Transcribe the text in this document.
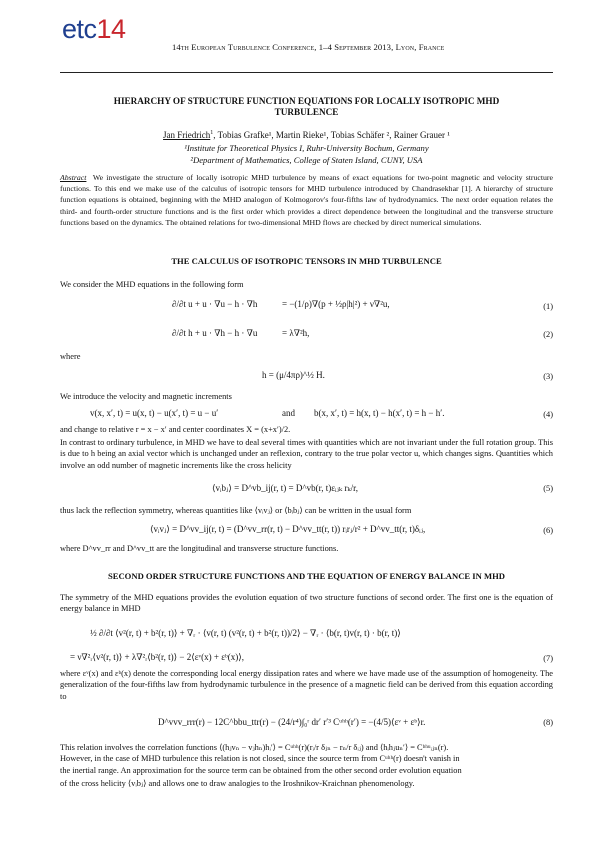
etc14
14th European Turbulence Conference, 1–4 September 2013, Lyon, France
HIERARCHY OF STRUCTURE FUNCTION EQUATIONS FOR LOCALLY ISOTROPIC MHD
TURBULENCE
Jan Friedrich$^1$, Tobias Grafke¹, Martin Rieke¹, Tobias Schäfer ², Rainer Grauer ¹
¹Institute for Theoretical Physics I, Ruhr-University Bochum, Germany
²Department of Mathematics, College of Staten Island, CUNY, USA
Abstract We investigate the structure of locally isotropic MHD turbulence by means of exact equations for two-point magnetic and velocity structure functions. To this end we make use of the calculus of isotropic tensors for MHD turbulence introduced by Chandrasekhar [1]. A hierarchy of structure function equations is obtained, beginning with the MHD analogon of Kolmogorov's four-fifths law of hydrodynamics. The next order equation relates the third- and fourth-order structure functions and is the first order which provides a direct dependence between the longitudinal and the transverse structure functions based on the dynamics. The obtained relations for two-dimensional MHD flows are checked by direct numerical simulations.
THE CALCULUS OF ISOTROPIC TENSORS IN MHD TURBULENCE
We consider the MHD equations in the following form
∂/∂t u + u · ∇u − h · ∇h	= −(1/ρ)∇(p + ½ρ|h|²) + ν∇²u,	(1)
∂/∂t h + u · ∇h − h · ∇u	= λ∇²h,	(2)
where
h = (μ/4πρ)^½ H.	(3)
We introduce the velocity and magnetic increments
v(x, x′, t) = u(x, t) − u(x′, t) = u − u′	and b(x, x′, t) = h(x, t) − h(x′, t) = h − h′.	(4)
and change to relative r = x − x′ and center coordinates X = (x+x′)/2.
In contrast to ordinary turbulence, in MHD we have to deal several times with quantities which are not invariant under the full rotation group. This is due to h being an axial vector which is unchanged under an reflexion, contrary to the true polar vector u, which changes signs. Quantities which involve an odd number of magnetic increments like the cross helicity
⟨vᵢbⱼ⟩ = D^vb_ij(r, t) = D^vb(r, t)εᵢⱼₖ rₖ/r,	(5)
thus lack the reflection symmetry, whereas quantities like ⟨vᵢvⱼ⟩ or ⟨bᵢbⱼ⟩ can be written in the usual form
⟨vᵢvⱼ⟩ = D^vv_ij(r, t) = (D^vv_rr(r, t) − D^vv_tt(r, t)) rᵢrⱼ/r² + D^vv_tt(r, t)δᵢⱼ,	(6)
where D^vv_rr and D^vv_tt are the longitudinal and transverse structure functions.
SECOND ORDER STRUCTURE FUNCTIONS AND THE EQUATION OF ENERGY BALANCE IN MHD
The symmetry of the MHD equations provides the evolution equation of two structure functions of second order. The first one is the equation of energy balance in MHD
½ ∂/∂t ⟨v²(r, t) + b²(r, t)⟩ + ∇ᵣ · ⟨v(r, t) (v²(r, t) + b²(r, t))/2⟩ − ∇ᵣ · ⟨b(r, t)v(r, t) · b(r, t)⟩
= ν∇²ᵣ⟨v²(r, t)⟩ + λ∇²ᵣ⟨b²(r, t)⟩ − 2⟨εᵛ(x) + εᵇ(x)⟩,	(7)
where εᵛ(x) and εᵇ(x) denote the corresponding local energy dissipation rates and where we have made use of the assumption of homogeneity. The generalization of the four-fifths law from hydrodynamic turbulence in the presence of a magnetic field can be derived from this equation according to
D^vvv_rrr(r) − 12C^bbu_ttr(r) − (24/r⁴)∫₀ʳ dr′ r′³ Cᵘʰʰ(r′) = −(4/5)⟨εᵛ + εᵇ⟩r.	(8)
This relation involves the correlation functions ⟨(hⱼvₙ − vⱼhₙ)hᵢ′⟩ = Cᵘʰʰ(r)(rᵢ/r δⱼₙ − rₙ/r δᵢⱼ) and ⟨hᵢhⱼuₙ′⟩ = Cᵇʰᵘᵢⱼₙ(r).
However, in the case of MHD turbulence this relation is not closed, since the source term from Cᵘʰʰ(r) doesn't vanish in
the inertial range. An approximation for the source term can be obtained from the other second order evolution equation
of the cross helicity ⟨vᵢbⱼ⟩ and allows one to draw analogies to the Iroshnikov-Kraichnan phenomenology.
